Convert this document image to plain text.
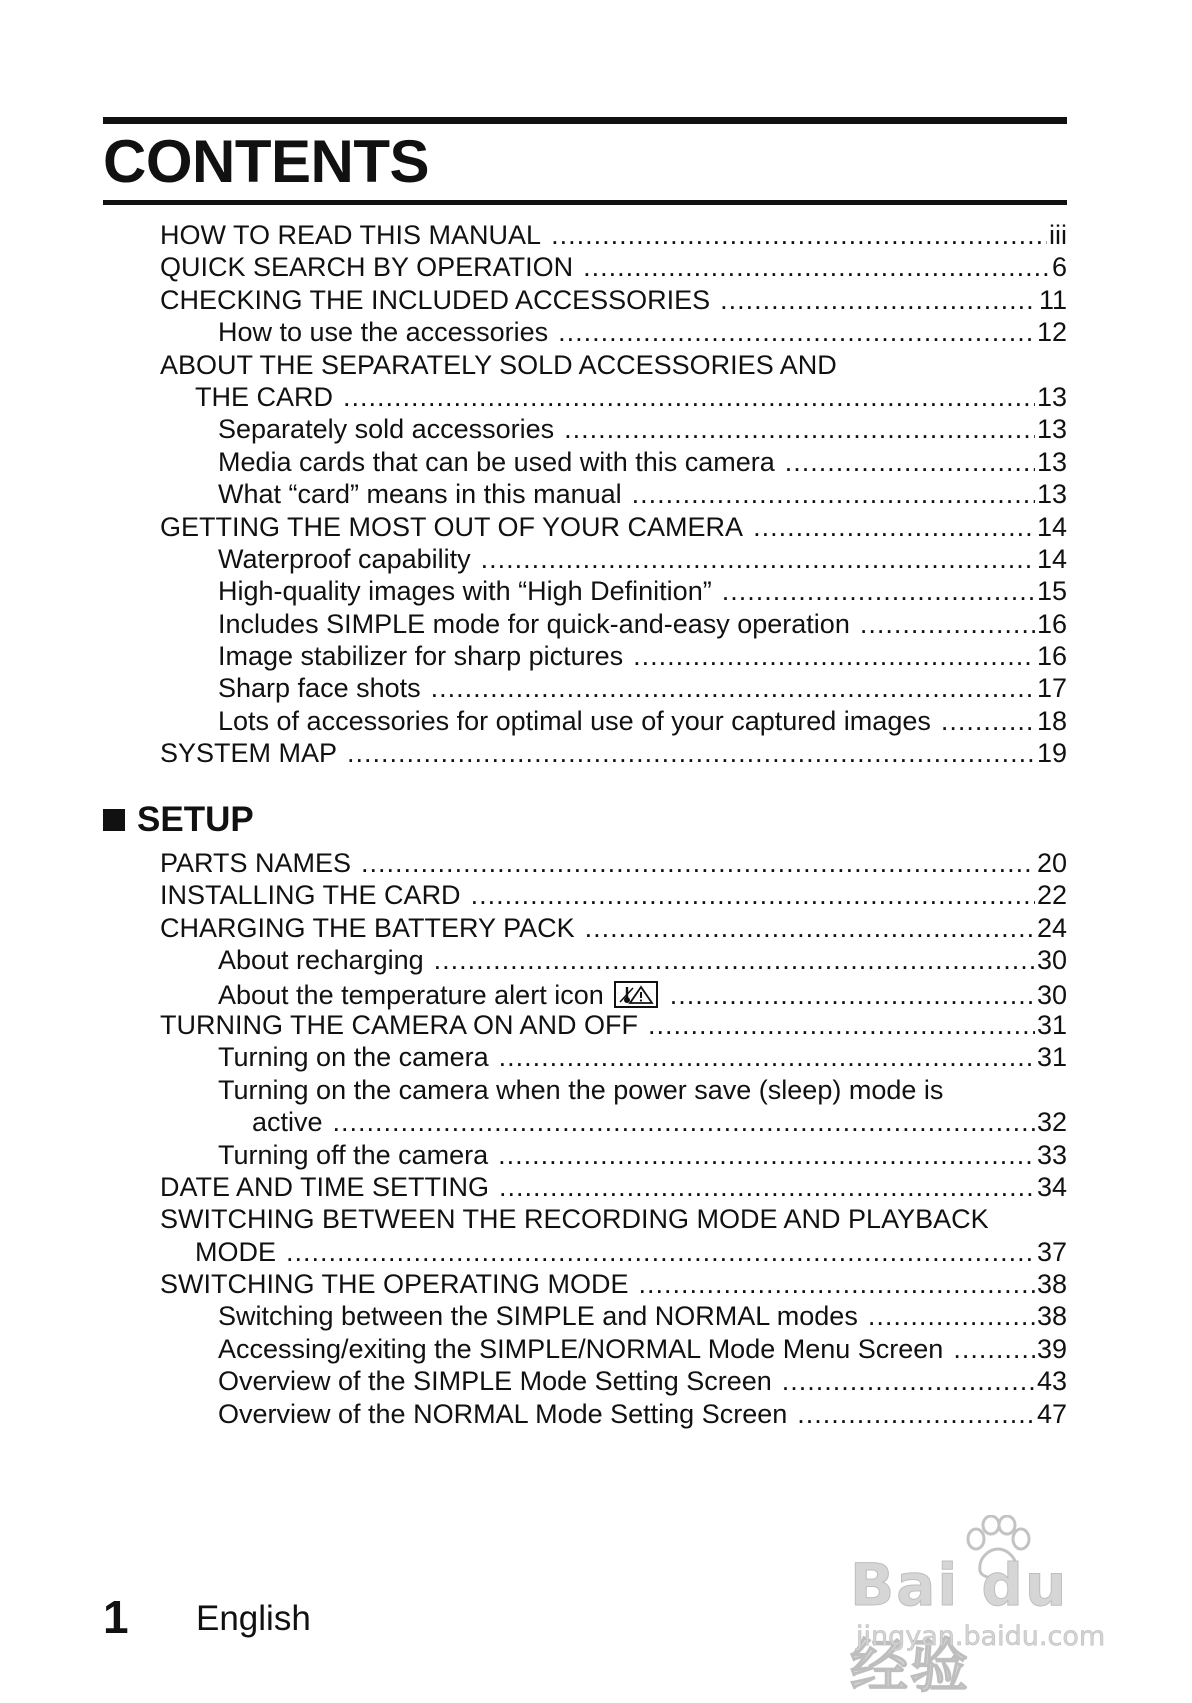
CONTENTS
HOW TO READ THIS MANUAL .....	iii
QUICK SEARCH BY OPERATION .....	6
CHECKING THE INCLUDED ACCESSORIES .....	11
How to use the accessories .....	12
ABOUT THE SEPARATELY SOLD ACCESSORIES AND
THE CARD .....	13
Separately sold accessories .....	13
Media cards that can be used with this camera .....	13
What “card” means in this manual .....	13
GETTING THE MOST OUT OF YOUR CAMERA .....	14
Waterproof capability .....	14
High-quality images with “High Definition” .....	15
Includes SIMPLE mode for quick-and-easy operation .....	16
Image stabilizer for sharp pictures .....	16
Sharp face shots .....	17
Lots of accessories for optimal use of your captured images .....	18
SYSTEM MAP .....	19
SETUP
PARTS NAMES .....	20
INSTALLING THE CARD .....	22
CHARGING THE BATTERY PACK .....	24
About recharging .....	30
About the temperature alert icon .....	30
TURNING THE CAMERA ON AND OFF .....	31
Turning on the camera .....	31
Turning on the camera when the power save (sleep) mode is
active .....	32
Turning off the camera .....	33
DATE AND TIME SETTING .....	34
SWITCHING BETWEEN THE RECORDING MODE AND PLAYBACK
MODE .....	37
SWITCHING THE OPERATING MODE .....	38
Switching between the SIMPLE and NORMAL modes .....	38
Accessing/exiting the SIMPLE/NORMAL Mode Menu Screen .....	39
Overview of the SIMPLE Mode Setting Screen .....	43
Overview of the NORMAL Mode Setting Screen .....	47
1 English	Bai du 经验
jingyan.baidu.com
